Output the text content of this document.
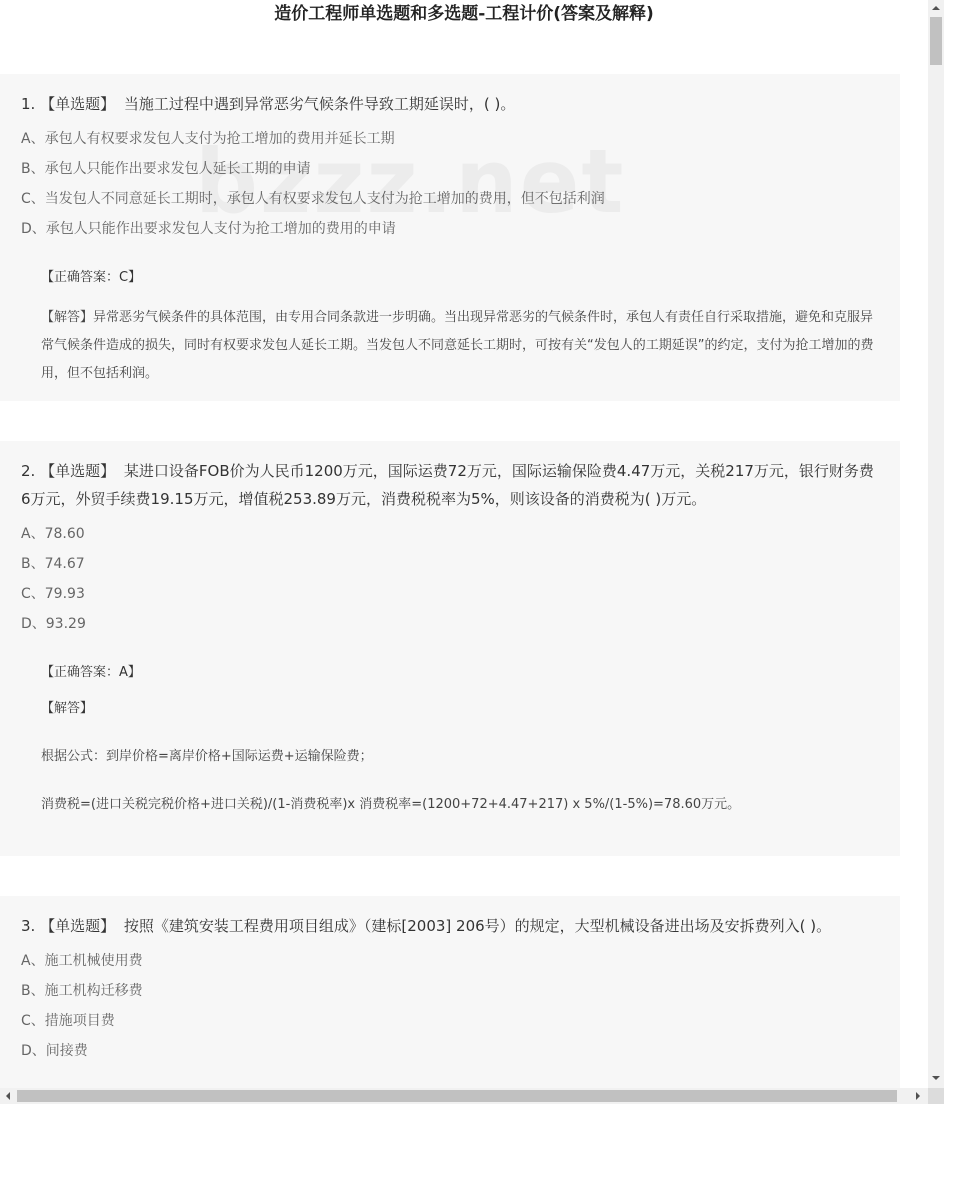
造价工程师单选题和多选题-工程计价(答案及解释)
1. 【单选题】 当施工过程中遇到异常恶劣气候条件导致工期延误时，( )。
A、承包人有权要求发包人支付为抢工增加的费用并延长工期
B、承包人只能作出要求发包人延长工期的申请
C、当发包人不同意延长工期时，承包人有权要求发包人支付为抢工增加的费用，但不包括利润
D、承包人只能作出要求发包人支付为抢工增加的费用的申请
【正确答案：C】
【解答】异常恶劣气候条件的具体范围，由专用合同条款进一步明确。当出现异常恶劣的气候条件时，承包人有责任自行采取措施，避免和克服异常气候条件造成的损失，同时有权要求发包人延长工期。当发包人不同意延长工期时，可按有关“发包人的工期延误”的约定，支付为抢工增加的费用，但不包括利润。
2. 【单选题】 某进口设备FOB价为人民币1200万元，国际运费72万元，国际运输保险费4.47万元，关税217万元，银行财务费6万元，外贸手续费19.15万元，增值税253.89万元，消费税税率为5%，则该设备的消费税为( )万元。
A、78.60
B、74.67
C、79.93
D、93.29
【正确答案：A】
【解答】
根据公式：到岸价格=离岸价格+国际运费+运输保险费；
消费税=(进口关税完税价格+进口关税)/(1-消费税率)x 消费税率=(1200+72+4.47+217) x 5%/(1-5%)=78.60万元。
3. 【单选题】 按照《建筑安装工程费用项目组成》（建标[2003] 206号）的规定，大型机械设备进出场及安拆费列入( )。
A、施工机械使用费
B、施工机构迁移费
C、措施项目费
D、间接费
